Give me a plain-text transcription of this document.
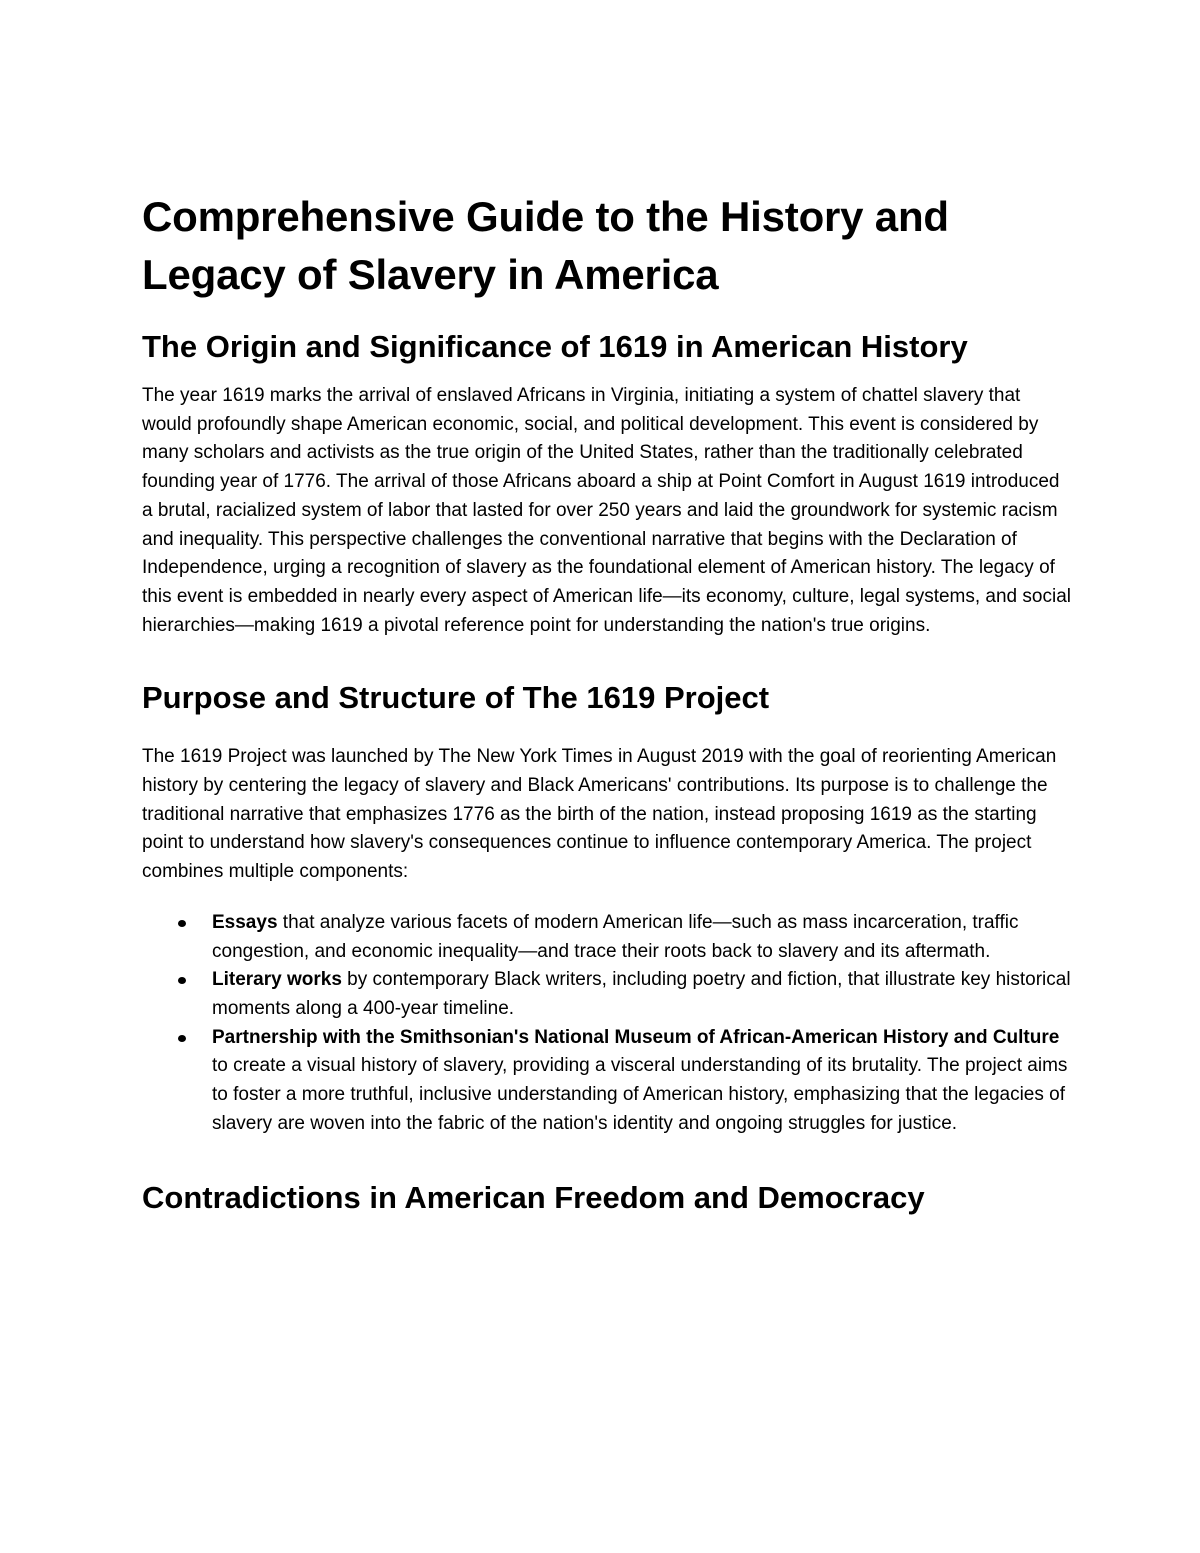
Comprehensive Guide to the History and Legacy of Slavery in America
The Origin and Significance of 1619 in American History

The year 1619 marks the arrival of enslaved Africans in Virginia, initiating a system of chattel slavery that would profoundly shape American economic, social, and political development. This event is considered by many scholars and activists as the true origin of the United States, rather than the traditionally celebrated founding year of 1776. The arrival of those Africans aboard a ship at Point Comfort in August 1619 introduced a brutal, racialized system of labor that lasted for over 250 years and laid the groundwork for systemic racism and inequality. This perspective challenges the conventional narrative that begins with the Declaration of Independence, urging a recognition of slavery as the foundational element of American history. The legacy of this event is embedded in nearly every aspect of American life—its economy, culture, legal systems, and social hierarchies—making 1619 a pivotal reference point for understanding the nation's true origins.

Purpose and Structure of The 1619 Project

The 1619 Project was launched by The New York Times in August 2019 with the goal of reorienting American history by centering the legacy of slavery and Black Americans' contributions. Its purpose is to challenge the traditional narrative that emphasizes 1776 as the birth of the nation, instead proposing 1619 as the starting point to understand how slavery's consequences continue to influence contemporary America. The project combines multiple components:

Essays that analyze various facets of modern American life—such as mass incarceration, traffic congestion, and economic inequality—and trace their roots back to slavery and its aftermath.
Literary works by contemporary Black writers, including poetry and fiction, that illustrate key historical moments along a 400-year timeline.
Partnership with the Smithsonian's National Museum of African-American History and Culture to create a visual history of slavery, providing a visceral understanding of its brutality. The project aims to foster a more truthful, inclusive understanding of American history, emphasizing that the legacies of slavery are woven into the fabric of the nation's identity and ongoing struggles for justice.
Contradictions in American Freedom and Democracy
